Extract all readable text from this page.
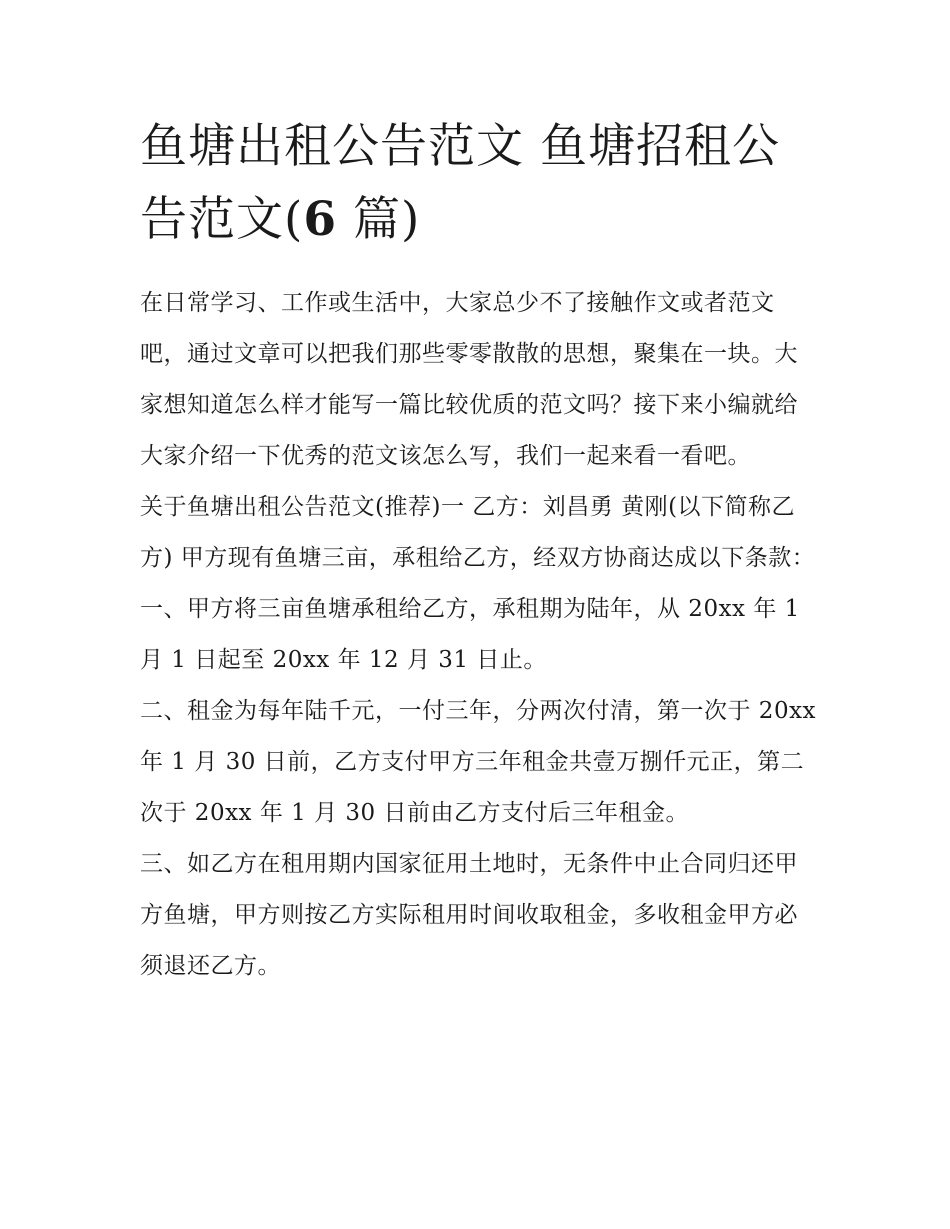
鱼塘出租公告范文 鱼塘招租公告范文(6 篇)

在日常学习、工作或生活中，大家总少不了接触作文或者范文吧，通过文章可以把我们那些零零散散的思想，聚集在一块。大家想知道怎么样才能写一篇比较优质的范文吗？接下来小编就给大家介绍一下优秀的范文该怎么写，我们一起来看一看吧。

关于鱼塘出租公告范文(推荐)一 乙方：刘昌勇 黄刚(以下简称乙方) 甲方现有鱼塘三亩，承租给乙方，经双方协商达成以下条款：

一、甲方将三亩鱼塘承租给乙方，承租期为陆年，从 20xx 年 1 月 1 日起至 20xx 年 12 月 31 日止。

二、租金为每年陆千元，一付三年，分两次付清，第一次于 20xx 年 1 月 30 日前，乙方支付甲方三年租金共壹万捌仟元正，第二次于 20xx 年 1 月 30 日前由乙方支付后三年租金。

三、如乙方在租用期内国家征用土地时，无条件中止合同归还甲方鱼塘，甲方则按乙方实际租用时间收取租金，多收租金甲方必须退还乙方。
